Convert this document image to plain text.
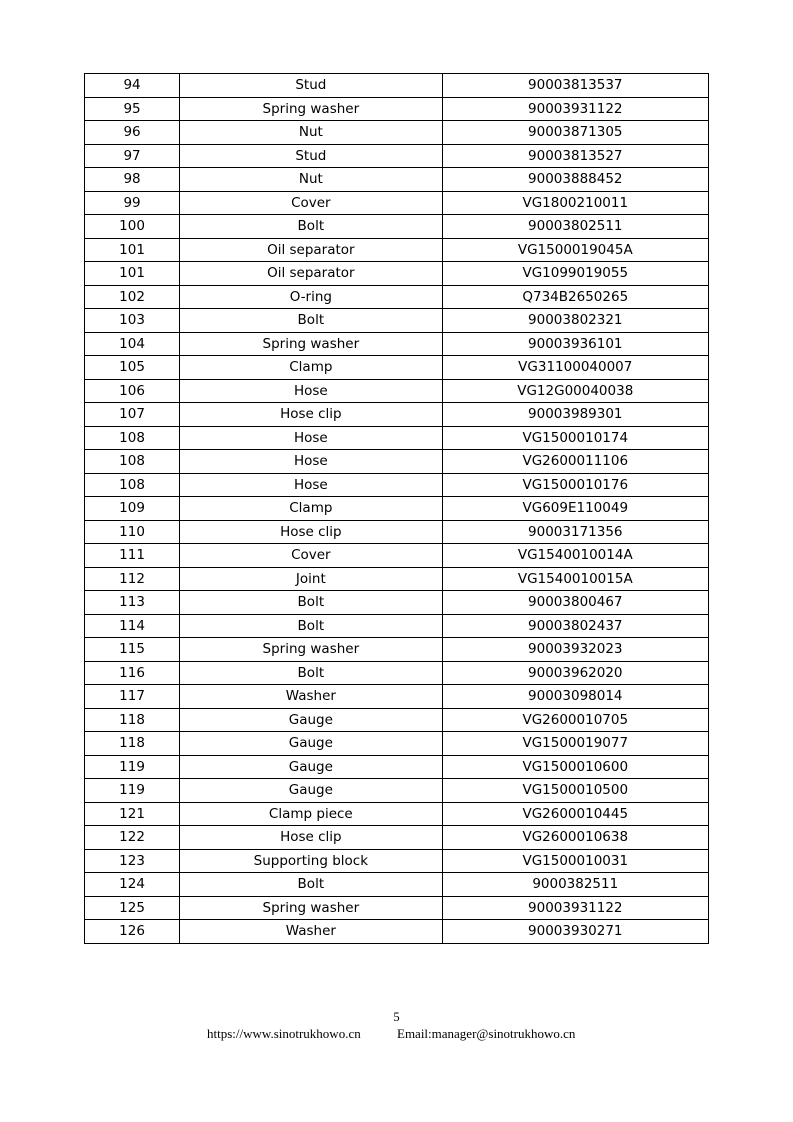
94	Stud	90003813537
95	Spring washer	90003931122
96	Nut	90003871305
97	Stud	90003813527
98	Nut	90003888452
99	Cover	VG1800210011
100	Bolt	90003802511
101	Oil separator	VG1500019045A
101	Oil separator	VG1099019055
102	O-ring	Q734B2650265
103	Bolt	90003802321
104	Spring washer	90003936101
105	Clamp	VG31100040007
106	Hose	VG12G00040038
107	Hose clip	90003989301
108	Hose	VG1500010174
108	Hose	VG2600011106
108	Hose	VG1500010176
109	Clamp	VG609E110049
110	Hose clip	90003171356
111	Cover	VG1540010014A
112	Joint	VG1540010015A
113	Bolt	90003800467
114	Bolt	90003802437
115	Spring washer	90003932023
116	Bolt	90003962020
117	Washer	90003098014
118	Gauge	VG2600010705
118	Gauge	VG1500019077
119	Gauge	VG1500010600
119	Gauge	VG1500010500
121	Clamp piece	VG2600010445
122	Hose clip	VG2600010638
123	Supporting block	VG1500010031
124	Bolt	9000382511
125	Spring washer	90003931122
126	Washer	90003930271
5
https://www.sinotrukhowo.cn	Email:manager@sinotrukhowo.cn
